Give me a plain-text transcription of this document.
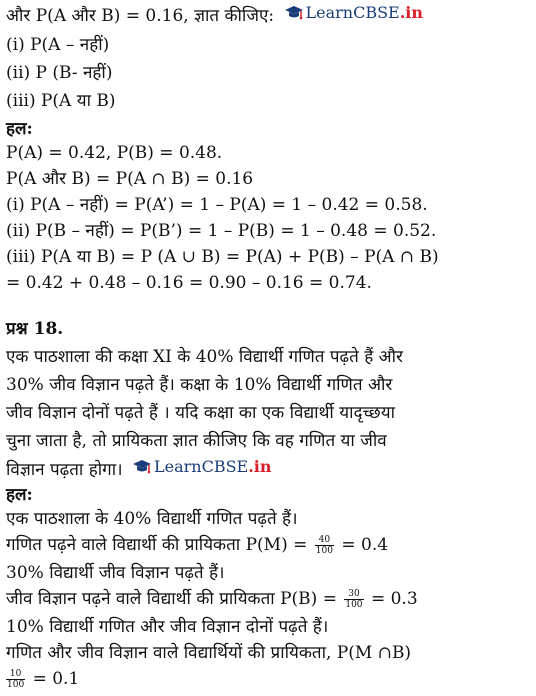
और P(A और B) = 0.16, ज्ञात कीजिए: LearnCBSE .in
(i) P(A – नहीं)
(ii) P (B- नहीं)
(iii) P(A या B)
हल:
P(A) = 0.42, P(B) = 0.48.
P(A और B) = P(A ∩ B) = 0.16
(i) P(A – नहीं) = P(A’) = 1 – P(A) = 1 – 0.42 = 0.58.
(ii) P(B – नहीं) = P(B’) = 1 – P(B) = 1 – 0.48 = 0.52.
(iii) P(A या B) = P (A ∪ B) = P(A) + P(B) – P(A ∩ B)
= 0.42 + 0.48 – 0.16 = 0.90 – 0.16 = 0.74.
प्रश्न 18.
एक पाठशाला की कक्षा XI के 40% विद्यार्थी गणित पढ़ते हैं और
30% जीव विज्ञान पढ़ते हैं। कक्षा के 10% विद्यार्थी गणित और
जीव विज्ञान दोनों पढ़ते हैं । यदि कक्षा का एक विद्यार्थी यादृच्छया
चुना जाता है, तो प्रायिकता ज्ञात कीजिए कि वह गणित या जीव
विज्ञान पढ़ता होगा। LearnCBSE .in
हल:
एक पाठशाला के 40% विद्यार्थी गणित पढ़ते हैं।
गणित पढ़ने वाले विद्यार्थी की प्रायिकता $P(M) = \frac{40}{100} = 0.4$
30% विद्यार्थी जीव विज्ञान पढ़ते हैं।
जीव विज्ञान पढ़ने वाले विद्यार्थी की प्रायिकता $P(B) = \frac{30}{100} = 0.3$
10% विद्यार्थी गणित और जीव विज्ञान दोनों पढ़ते हैं।
गणित और जीव विज्ञान वाले विद्यार्थियों की प्रायिकता, P(M ∩B)
$\frac{10}{100} = 0.1$
